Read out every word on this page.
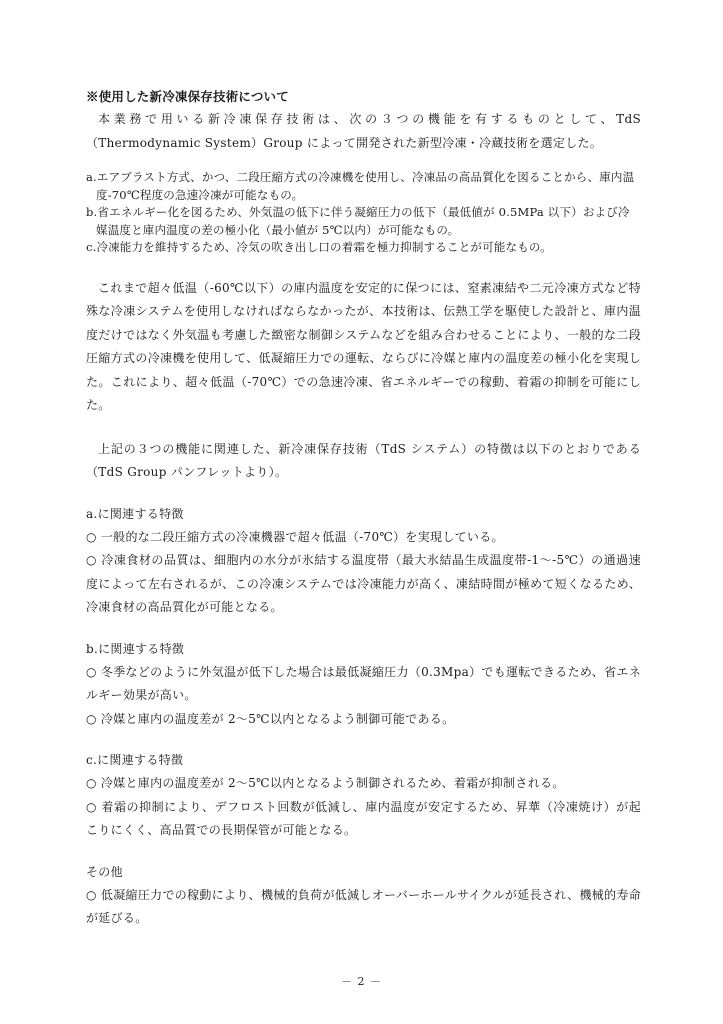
※使用した新冷凍保存技術について
本業務で用いる新冷凍保存技術は、次の３つの機能を有するものとして、TdS（Thermodynamic System）Group によって開発された新型冷凍・冷蔵技術を選定した。
a.エアブラスト方式、かつ、二段圧縮方式の冷凍機を使用し、冷凍品の高品質化を図ることから、庫内温度-70℃程度の急速冷凍が可能なもの。
b.省エネルギー化を図るため、外気温の低下に伴う凝縮圧力の低下（最低値が 0.5MPa 以下）および冷媒温度と庫内温度の差の極小化（最小値が 5℃以内）が可能なもの。
c.冷凍能力を維持するため、冷気の吹き出し口の着霜を極力抑制することが可能なもの。
これまで超々低温（-60℃以下）の庫内温度を安定的に保つには、窒素凍結や二元冷凍方式など特殊な冷凍システムを使用しなければならなかったが、本技術は、伝熱工学を駆使した設計と、庫内温度だけではなく外気温も考慮した緻密な制御システムなどを組み合わせることにより、一般的な二段圧縮方式の冷凍機を使用して、低凝縮圧力での運転、ならびに冷媒と庫内の温度差の極小化を実現した。これにより、超々低温（-70℃）での急速冷凍、省エネルギーでの稼動、着霜の抑制を可能にした。
上記の３つの機能に関連した、新冷凍保存技術（TdS システム）の特徴は以下のとおりである（TdS Group パンフレットより）。
a.に関連する特徴
○ 一般的な二段圧縮方式の冷凍機器で超々低温（-70℃）を実現している。
○ 冷凍食材の品質は、細胞内の水分が氷結する温度帯（最大氷結晶生成温度帯-1～-5℃）の通過速度によって左右されるが、この冷凍システムでは冷凍能力が高く、凍結時間が極めて短くなるため、冷凍食材の高品質化が可能となる。
b.に関連する特徴
○ 冬季などのように外気温が低下した場合は最低凝縮圧力（0.3Mpa）でも運転できるため、省エネルギー効果が高い。
○ 冷媒と庫内の温度差が 2～5℃以内となるよう制御可能である。
c.に関連する特徴
○ 冷媒と庫内の温度差が 2～5℃以内となるよう制御されるため、着霜が抑制される。
○ 着霜の抑制により、デフロスト回数が低減し、庫内温度が安定するため、昇華（冷凍焼け）が起こりにくく、高品質での長期保管が可能となる。
その他
○ 低凝縮圧力での稼動により、機械的負荷が低減しオーバーホールサイクルが延長され、機械的寿命が延びる。
－ 2 －
